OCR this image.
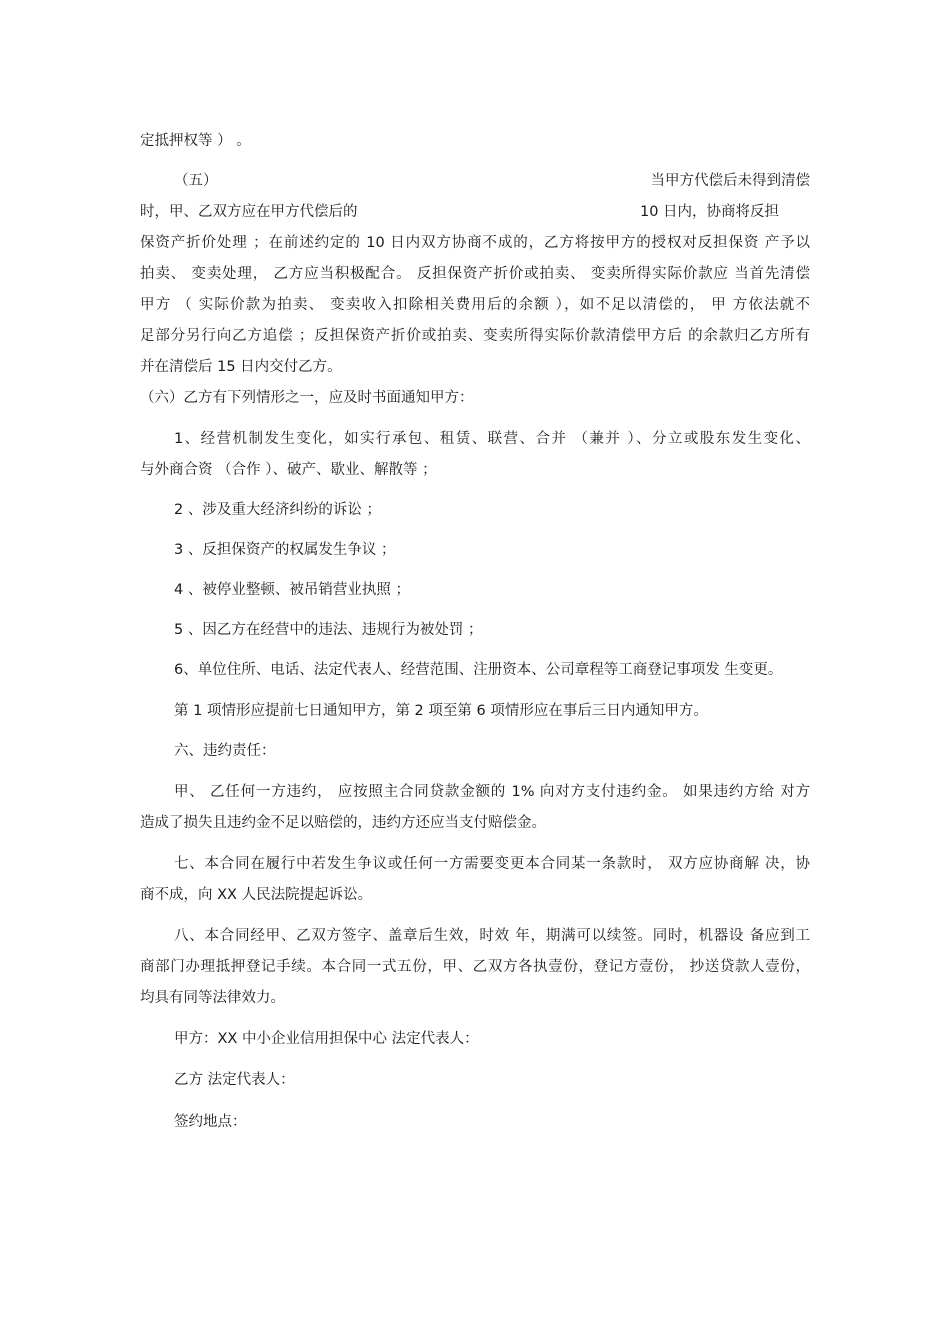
定抵押权等 ） 。
（五）	当甲方代偿后未得到清偿
时，甲、乙双方应在甲方代偿后的	10 日内，协商将反担
保资产折价处理 ；在前述约定的 10 日内双方协商不成的，乙方将按甲方的授权对反担保资 产予以
拍卖、 变卖处理， 乙方应当积极配合。 反担保资产折价或拍卖、 变卖所得实际价款应 当首先清偿
甲方 （ 实际价款为拍卖、 变卖收入扣除相关费用后的余额 ），如不足以清偿的， 甲 方依法就不
足部分另行向乙方追偿 ；反担保资产折价或拍卖、变卖所得实际价款清偿甲方后 的余款归乙方所有
并在清偿后 15 日内交付乙方。
（六）乙方有下列情形之一，应及时书面通知甲方：
1、经营机制发生变化，如实行承包、租赁、联营、合并 （兼并 ）、分立或股东发生变化、
与外商合资 （合作 ）、破产、歇业、解散等 ；
2 、涉及重大经济纠纷的诉讼 ；
3 、反担保资产的权属发生争议 ；
4 、被停业整顿、被吊销营业执照 ；
5 、因乙方在经营中的违法、违规行为被处罚 ；
6、单位住所、电话、法定代表人、经营范围、注册资本、公司章程等工商登记事项发 生变更。
第 1 项情形应提前七日通知甲方，第 2 项至第 6 项情形应在事后三日内通知甲方。
六、违约责任：
甲、 乙任何一方违约， 应按照主合同贷款金额的 1% 向对方支付违约金。 如果违约方给 对方
造成了损失且违约金不足以赔偿的，违约方还应当支付赔偿金。
七、本合同在履行中若发生争议或任何一方需要变更本合同某一条款时， 双方应协商解 决，协
商不成，向 XX 人民法院提起诉讼。
八、本合同经甲、乙双方签字、盖章后生效，时效 年，期满可以续签。同时，机器设 备应到工
商部门办理抵押登记手续。本合同一式五份，甲、乙双方各执壹份，登记方壹份， 抄送贷款人壹份，
均具有同等法律效力。
甲方：XX 中小企业信用担保中心 法定代表人：
乙方 法定代表人：
签约地点：
